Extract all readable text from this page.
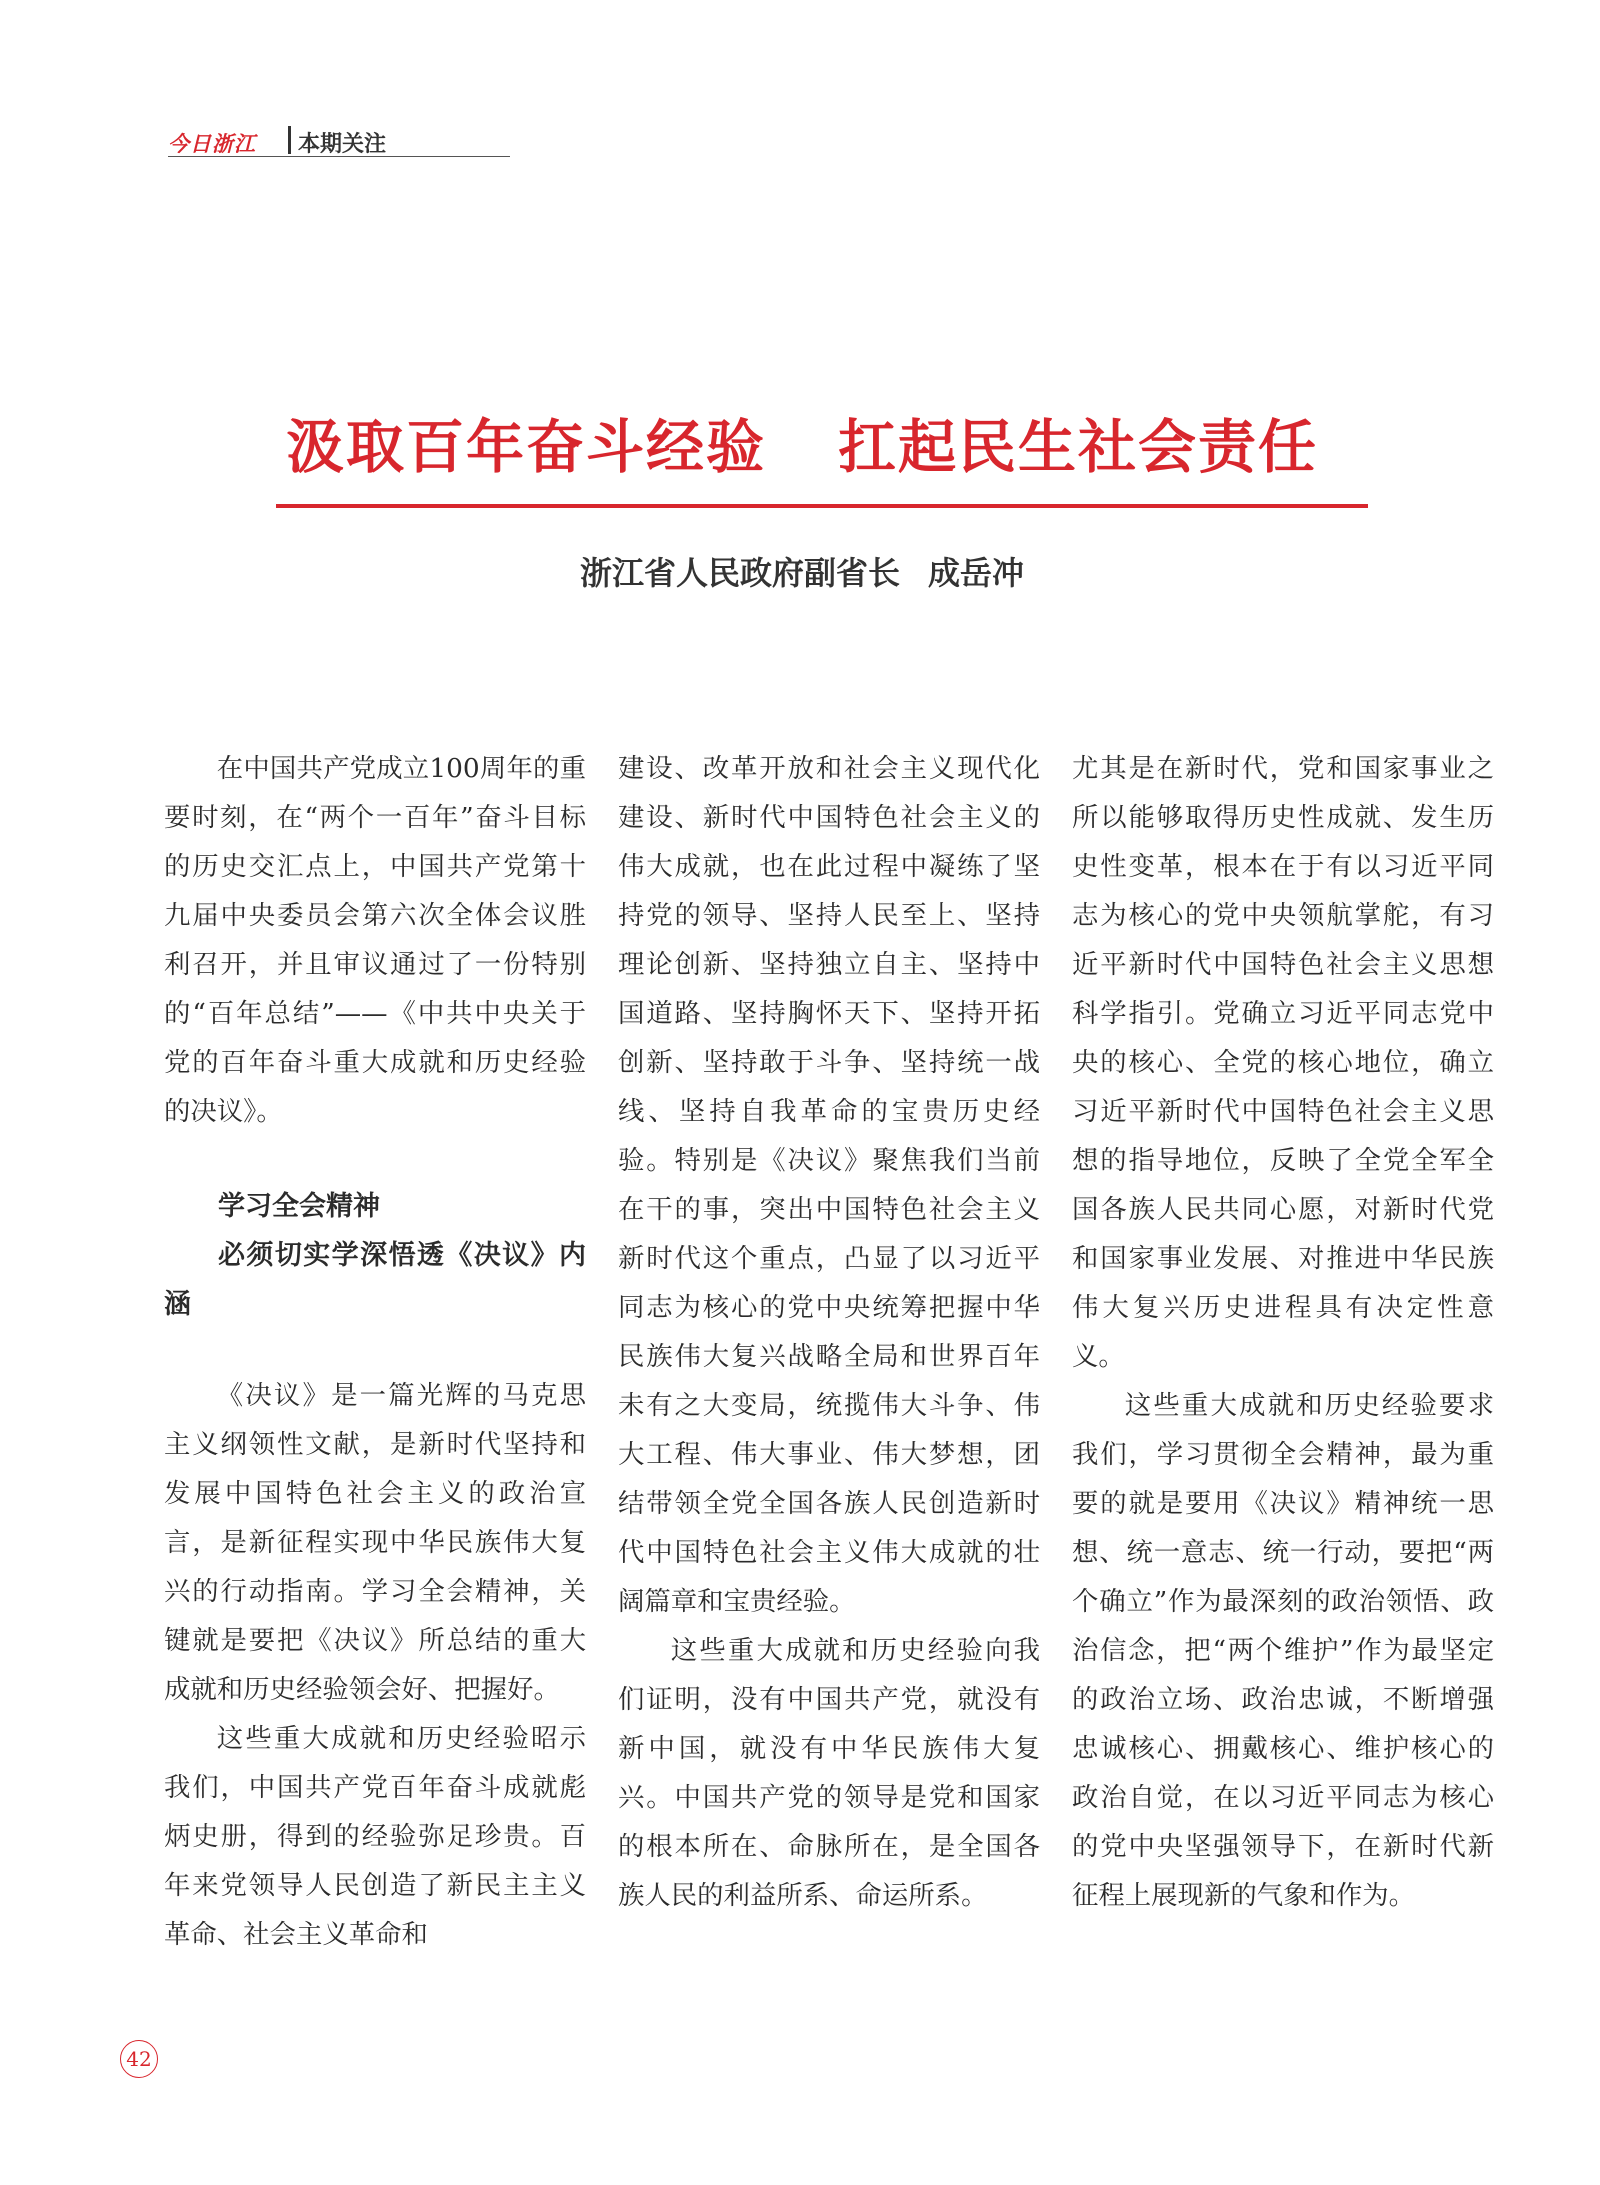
今日浙江 本期关注
汲取百年奋斗经验 扛起民生社会责任
浙江省人民政府副省长 成岳冲

在中国共产党成立100周年的重要时刻，在“两个一百年”奋斗目标的历史交汇点上，中国共产党第十九届中央委员会第六次全体会议胜利召开，并且审议通过了一份特别的“百年总结”——《中共中央关于党的百年奋斗重大成就和历史经验的决议》。

学习全会精神

必须切实学深悟透《决议》内涵

《决议》是一篇光辉的马克思主义纲领性文献，是新时代坚持和发展中国特色社会主义的政治宣言，是新征程实现中华民族伟大复兴的行动指南。学习全会精神，关键就是要把《决议》所总结的重大成就和历史经验领会好、把握好。

这些重大成就和历史经验昭示我们，中国共产党百年奋斗成就彪炳史册，得到的经验弥足珍贵。百年来党领导人民创造了新民主主义革命、社会主义革命和

建设、改革开放和社会主义现代化建设、新时代中国特色社会主义的伟大成就，也在此过程中凝练了坚持党的领导、坚持人民至上、坚持理论创新、坚持独立自主、坚持中国道路、坚持胸怀天下、坚持开拓创新、坚持敢于斗争、坚持统一战线、坚持自我革命的宝贵历史经验。特别是《决议》聚焦我们当前在干的事，突出中国特色社会主义新时代这个重点，凸显了以习近平同志为核心的党中央统筹把握中华民族伟大复兴战略全局和世界百年未有之大变局，统揽伟大斗争、伟大工程、伟大事业、伟大梦想，团结带领全党全国各族人民创造新时代中国特色社会主义伟大成就的壮阔篇章和宝贵经验。

这些重大成就和历史经验向我们证明，没有中国共产党，就没有新中国，就没有中华民族伟大复兴。中国共产党的领导是党和国家的根本所在、命脉所在，是全国各族人民的利益所系、命运所系。

尤其是在新时代，党和国家事业之所以能够取得历史性成就、发生历史性变革，根本在于有以习近平同志为核心的党中央领航掌舵，有习近平新时代中国特色社会主义思想科学指引。党确立习近平同志党中央的核心、全党的核心地位，确立习近平新时代中国特色社会主义思想的指导地位，反映了全党全军全国各族人民共同心愿，对新时代党和国家事业发展、对推进中华民族伟大复兴历史进程具有决定性意义。

这些重大成就和历史经验要求我们，学习贯彻全会精神，最为重要的就是要用《决议》精神统一思想、统一意志、统一行动，要把“两个确立”作为最深刻的政治领悟、政治信念，把“两个维护”作为最坚定的政治立场、政治忠诚，不断增强忠诚核心、拥戴核心、维护核心的政治自觉，在以习近平同志为核心的党中央坚强领导下，在新时代新征程上展现新的气象和作为。

42
